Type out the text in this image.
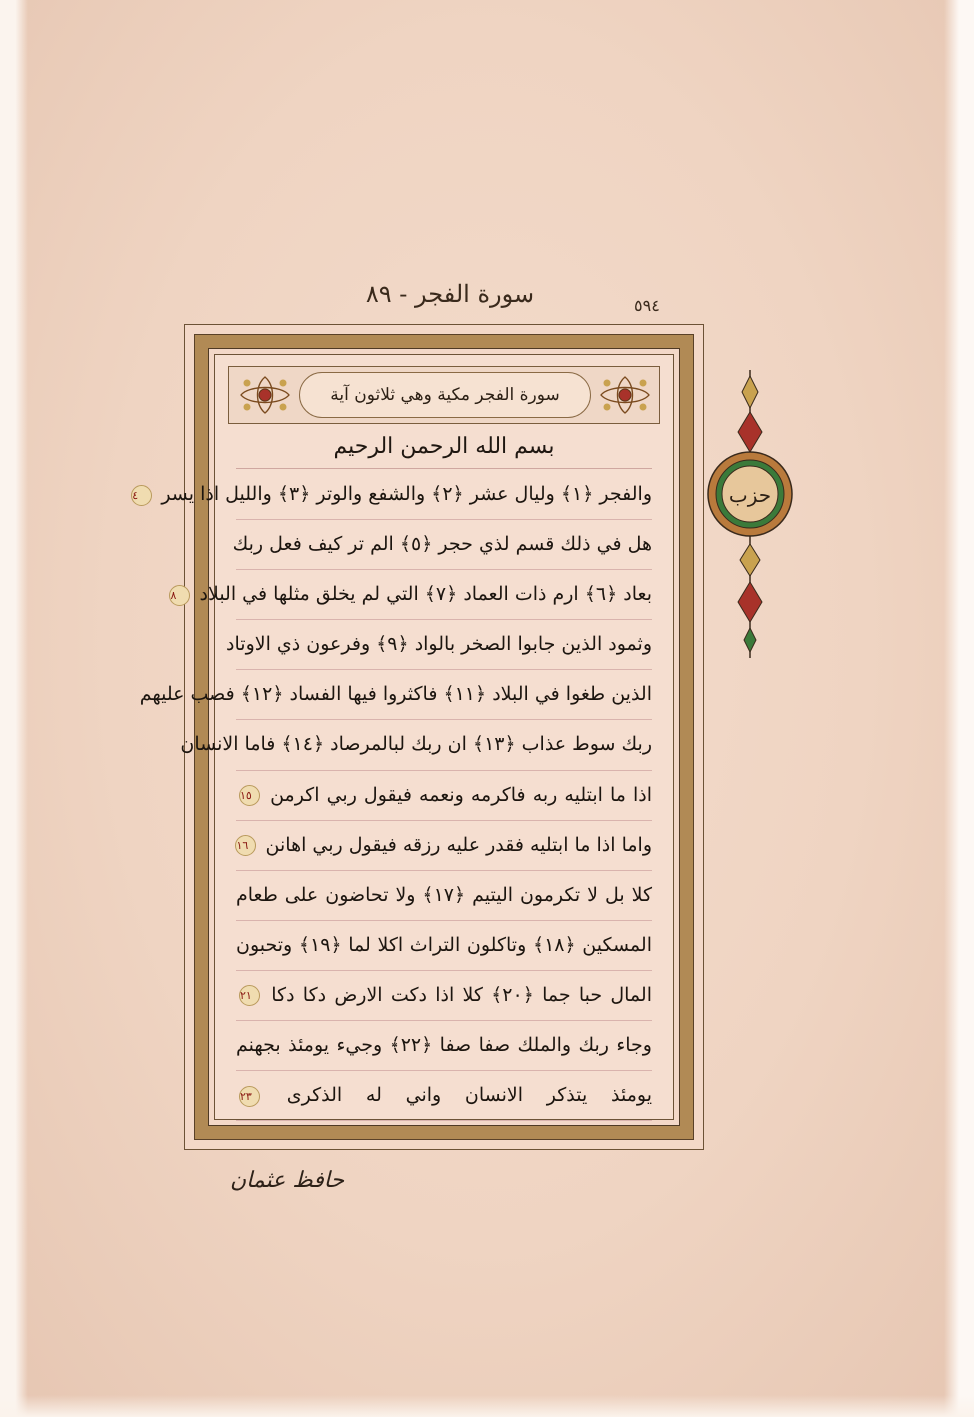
سورة الفجر - ٨٩	٥٩٤
سورة الفجر مكية وهي ثلاثون آية
بسم الله الرحمن الرحيم
والفجر ﴿١﴾ وليال عشر ﴿٢﴾ والشفع والوتر ﴿٣﴾ والليل اذا يسر ٤
هل في ذلك قسم لذي حجر ﴿٥﴾ الم تر كيف فعل ربك
بعاد ﴿٦﴾ ارم ذات العماد ﴿٧﴾ التي لم يخلق مثلها في البلاد ٨
وثمود الذين جابوا الصخر بالواد ﴿٩﴾ وفرعون ذي الاوتاد
الذين طغوا في البلاد ﴿١١﴾ فاكثروا فيها الفساد ﴿١٢﴾ فصب عليهم
ربك سوط عذاب ﴿١٣﴾ ان ربك لبالمرصاد ﴿١٤﴾ فاما الانسان
اذا ما ابتليه ربه فاكرمه ونعمه فيقول ربي اكرمن ١٥
واما اذا ما ابتليه فقدر عليه رزقه فيقول ربي اهانن ١٦
كلا بل لا تكرمون اليتيم ﴿١٧﴾ ولا تحاضون على طعام
المسكين ﴿١٨﴾ وتاكلون التراث اكلا لما ﴿١٩﴾ وتحبون
المال حبا جما ﴿٢٠﴾ كلا اذا دكت الارض دكا دكا ٢١
وجاء ربك والملك صفا صفا ﴿٢٢﴾ وجيء يومئذ بجهنم
يومئذ يتذكر الانسان واني له الذكرى ٢٣
حزب
حافظ عثمان
